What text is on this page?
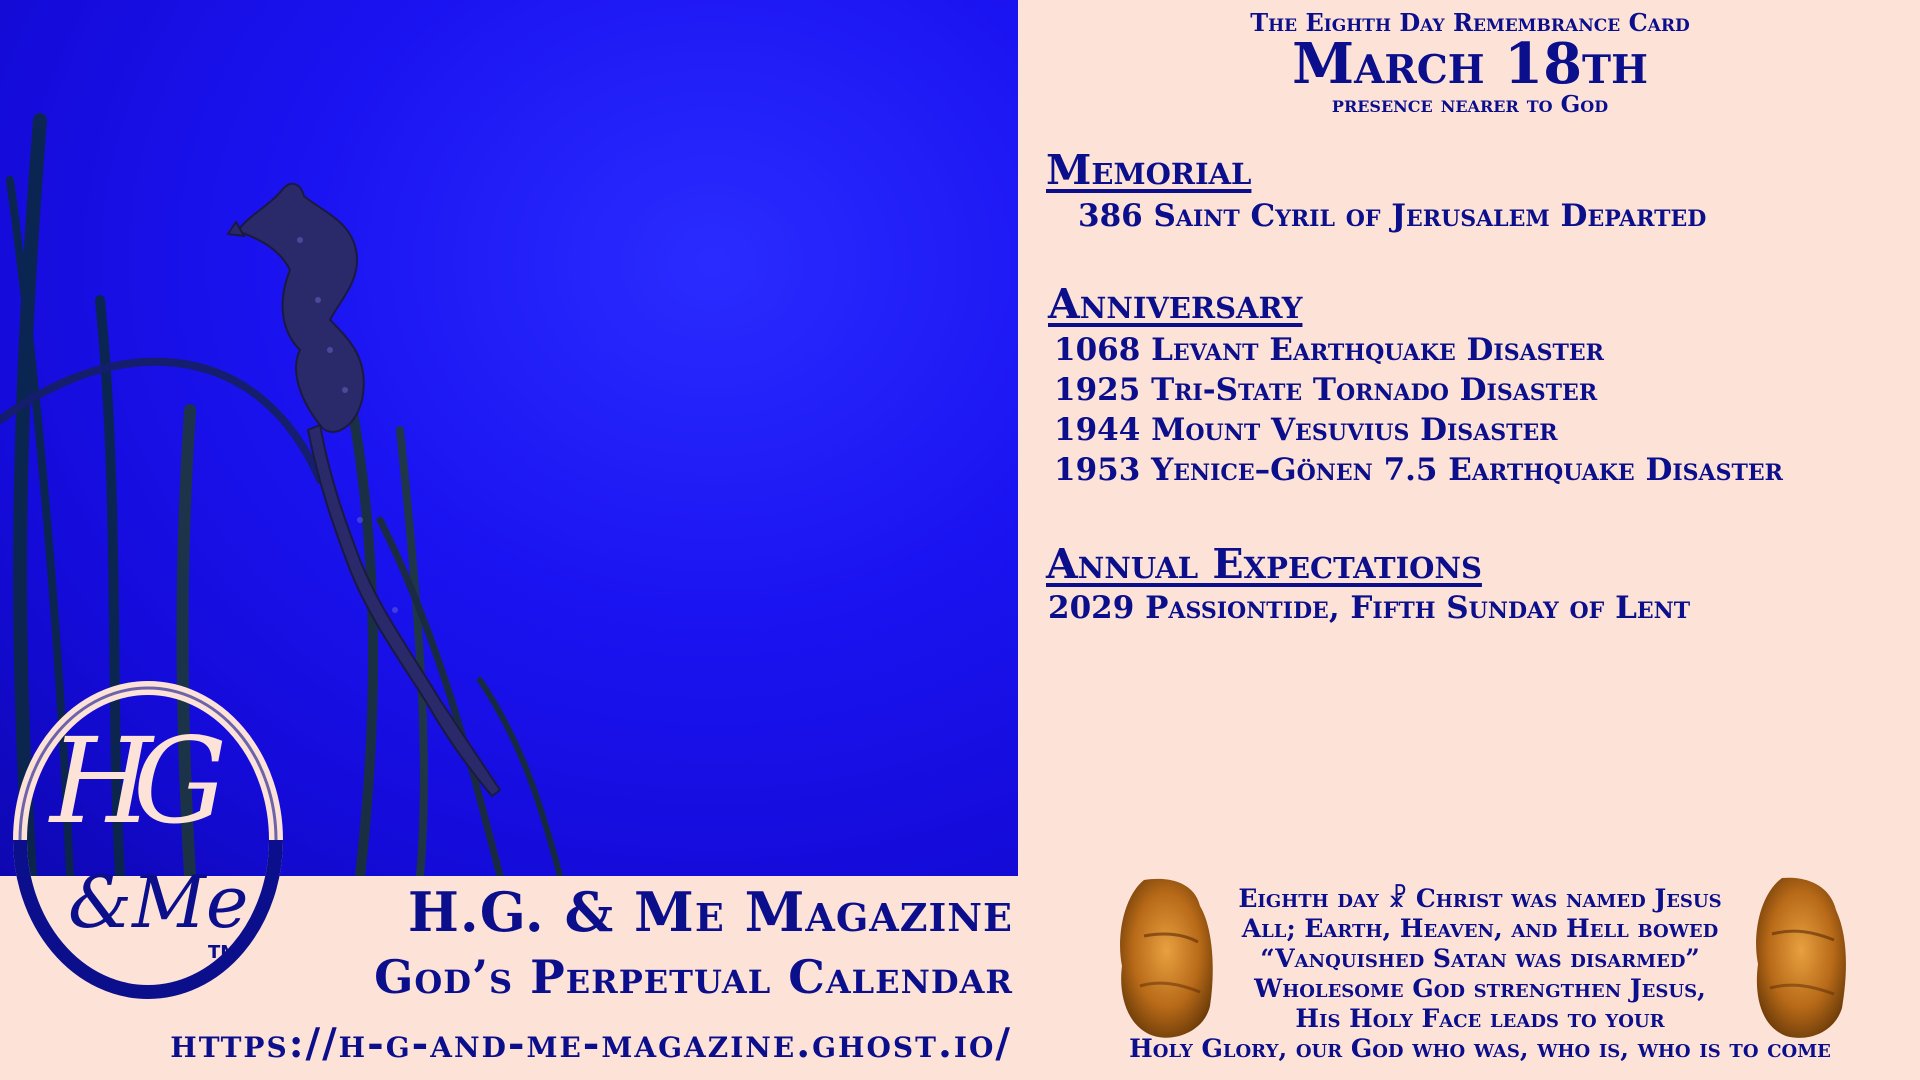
HG
&Me
TM
H.G. & Me Magazine
God’s Perpetual Calendar
https://h-g-and-me-magazine.ghost.io/
The Eighth Day Remembrance Card
March 18th
presence nearer to God
Memorial
386 Saint Cyril of Jerusalem Departed
Anniversary
1068 Levant Earthquake Disaster
1925 Tri-State Tornado Disaster
1944 Mount Vesuvius Disaster
1953 Yenice–Gönen 7.5 Earthquake Disaster
Annual Expectations
2029 Passiontide, Fifth Sunday of Lent
Eighth day ☧ Christ was named Jesus
All; Earth, Heaven, and Hell bowed
“Vanquished Satan was disarmed”
Wholesome God strengthen Jesus,
His Holy Face leads to your
Holy Glory, our God who was, who is, who is to come
